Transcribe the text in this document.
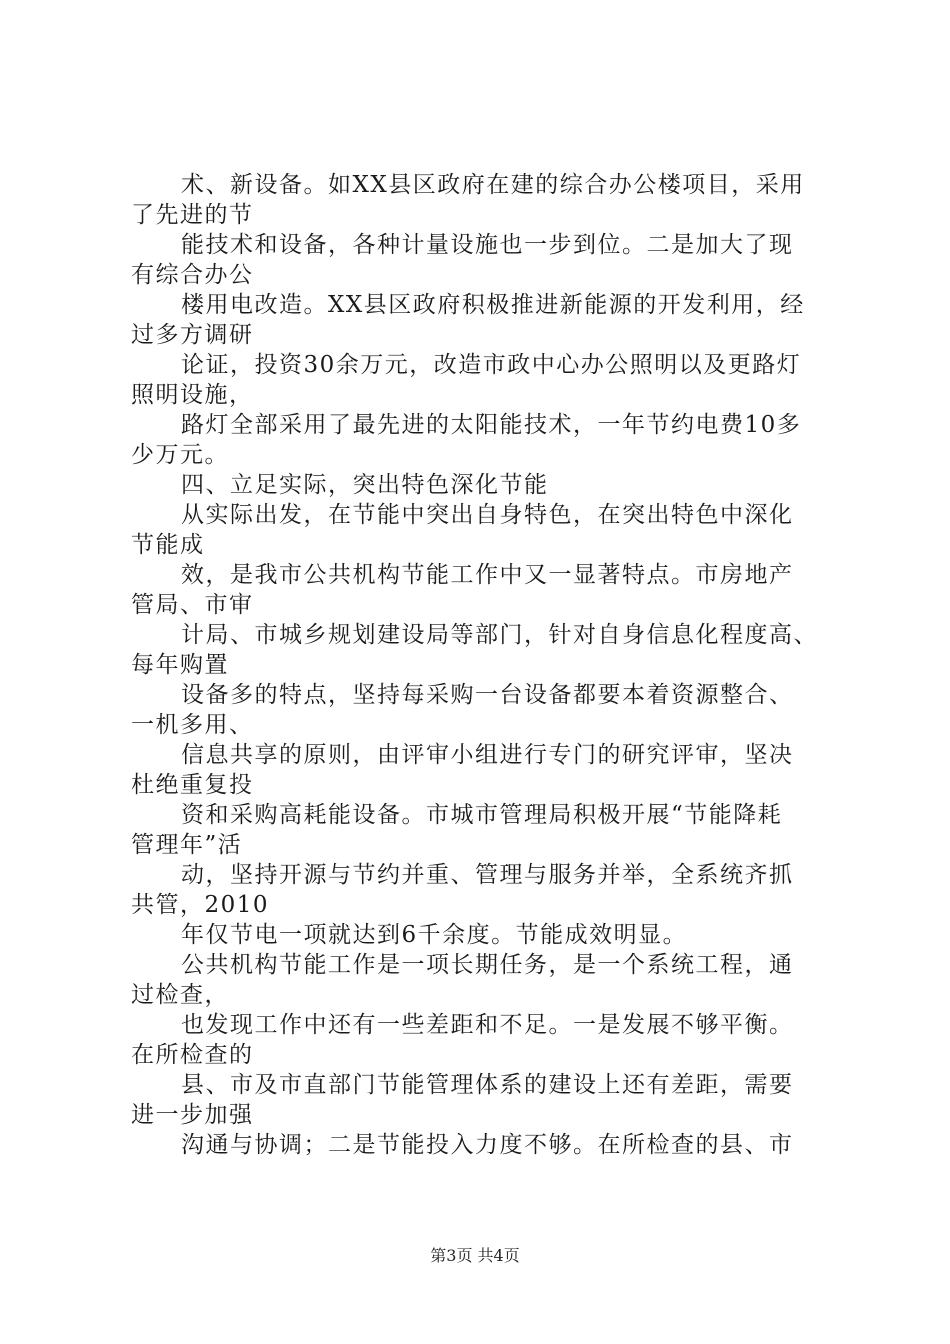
术、新设备。如XX县区政府在建的综合办公楼项目，采用
了先进的节
能技术和设备，各种计量设施也一步到位。二是加大了现
有综合办公
楼用电改造。XX县区政府积极推进新能源的开发利用，经
过多方调研
论证，投资30余万元，改造市政中心办公照明以及更路灯
照明设施，
路灯全部采用了最先进的太阳能技术，一年节约电费10多
少万元。
四、立足实际，突出特色深化节能
从实际出发，在节能中突出自身特色，在突出特色中深化
节能成
效，是我市公共机构节能工作中又一显著特点。市房地产
管局、市审
计局、市城乡规划建设局等部门，针对自身信息化程度高、
每年购置
设备多的特点，坚持每采购一台设备都要本着资源整合、
一机多用、
信息共享的原则，由评审小组进行专门的研究评审，坚决
杜绝重复投
资和采购高耗能设备。市城市管理局积极开展“节能降耗
管理年”活
动，坚持开源与节约并重、管理与服务并举，全系统齐抓
共管，2010
年仅节电一项就达到6千余度。节能成效明显。
公共机构节能工作是一项长期任务，是一个系统工程，通
过检查，
也发现工作中还有一些差距和不足。一是发展不够平衡。
在所检查的
县、市及市直部门节能管理体系的建设上还有差距，需要
进一步加强
沟通与协调；二是节能投入力度不够。在所检查的县、市
第3页 共4页
